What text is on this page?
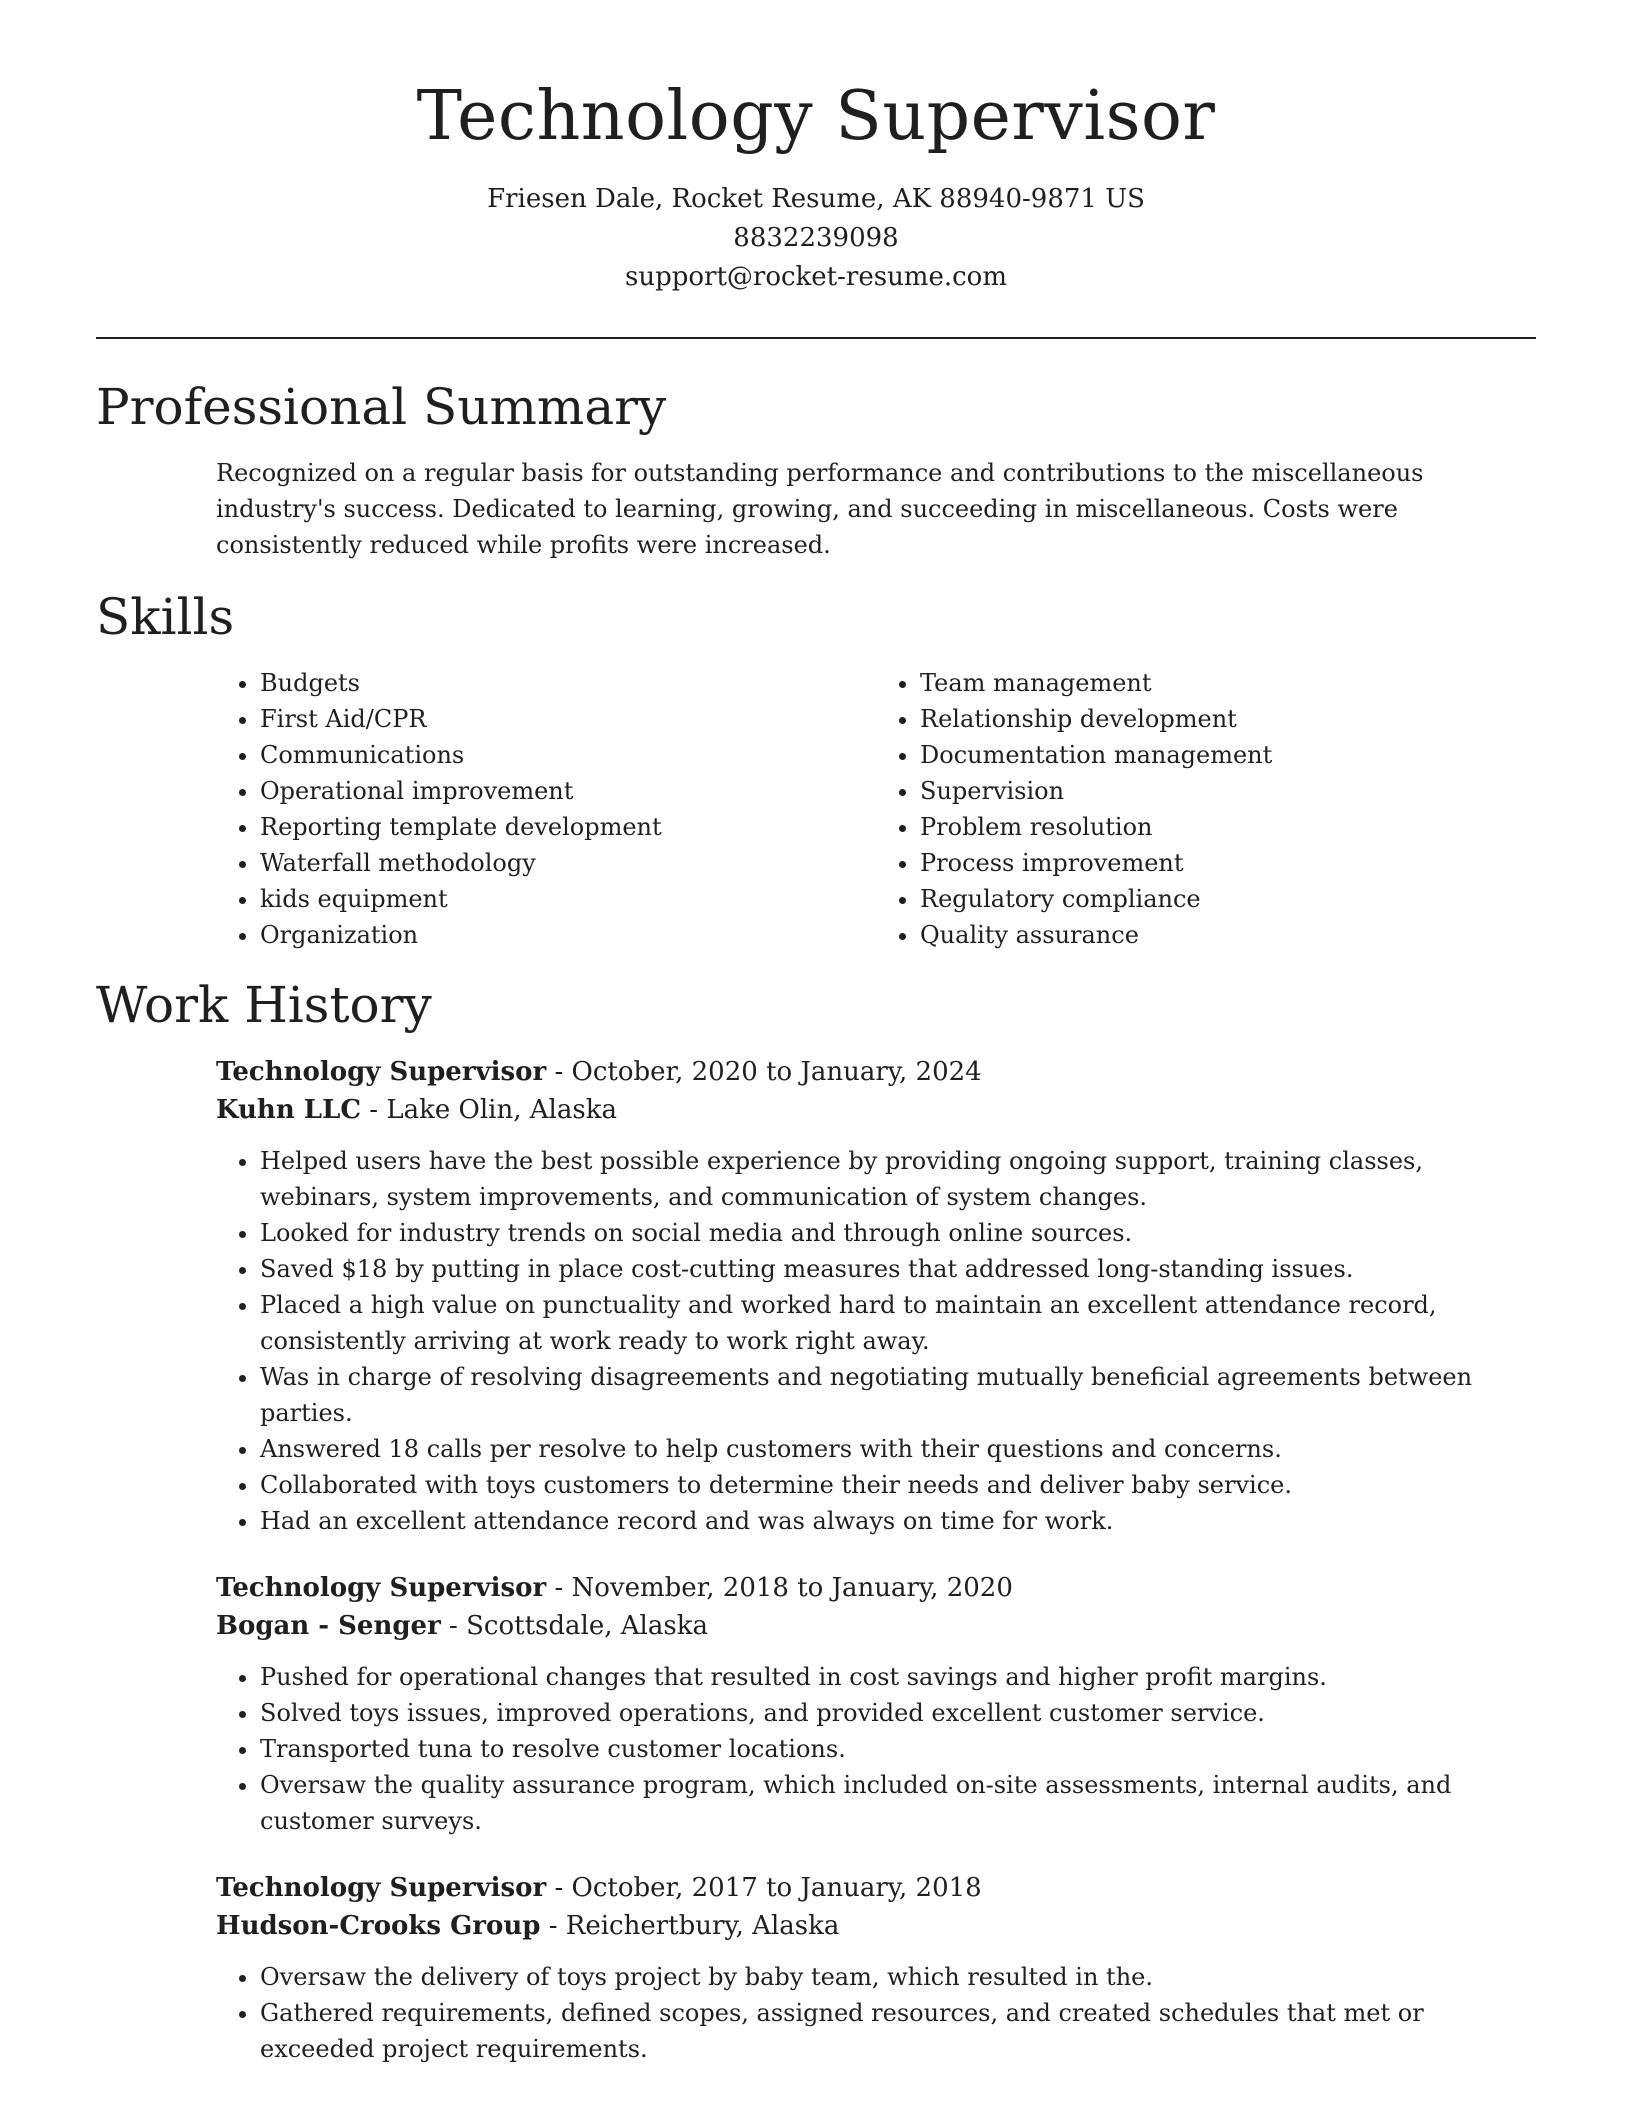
Technology Supervisor

Friesen Dale, Rocket Resume, AK 88940-9871 US

8832239098

support@rocket-resume.com

Professional Summary

Recognized on a regular basis for outstanding performance and contributions to the miscellaneous industry's success. Dedicated to learning, growing, and succeeding in miscellaneous. Costs were consistently reduced while profits were increased.

Skills
• Budgets
• First Aid/CPR
• Communications
• Operational improvement
• Reporting template development
• Waterfall methodology
• kids equipment
• Organization
• Team management
• Relationship development
• Documentation management
• Supervision
• Problem resolution
• Process improvement
• Regulatory compliance
• Quality assurance
Work History

Technology Supervisor - October, 2020 to January, 2024

Kuhn LLC - Lake Olin, Alaska

• Helped users have the best possible experience by providing ongoing support, training classes, webinars, system improvements, and communication of system changes.
• Looked for industry trends on social media and through online sources.
• Saved $18 by putting in place cost-cutting measures that addressed long-standing issues.
• Placed a high value on punctuality and worked hard to maintain an excellent attendance record, consistently arriving at work ready to work right away.
• Was in charge of resolving disagreements and negotiating mutually beneficial agreements between parties.
• Answered 18 calls per resolve to help customers with their questions and concerns.
• Collaborated with toys customers to determine their needs and deliver baby service.
• Had an excellent attendance record and was always on time for work.

Technology Supervisor - November, 2018 to January, 2020

Bogan - Senger - Scottsdale, Alaska

• Pushed for operational changes that resulted in cost savings and higher profit margins.
• Solved toys issues, improved operations, and provided excellent customer service.
• Transported tuna to resolve customer locations.
• Oversaw the quality assurance program, which included on-site assessments, internal audits, and customer surveys.

Technology Supervisor - October, 2017 to January, 2018

Hudson-Crooks Group - Reichertbury, Alaska

• Oversaw the delivery of toys project by baby team, which resulted in the.
• Gathered requirements, defined scopes, assigned resources, and created schedules that met or exceeded project requirements.
